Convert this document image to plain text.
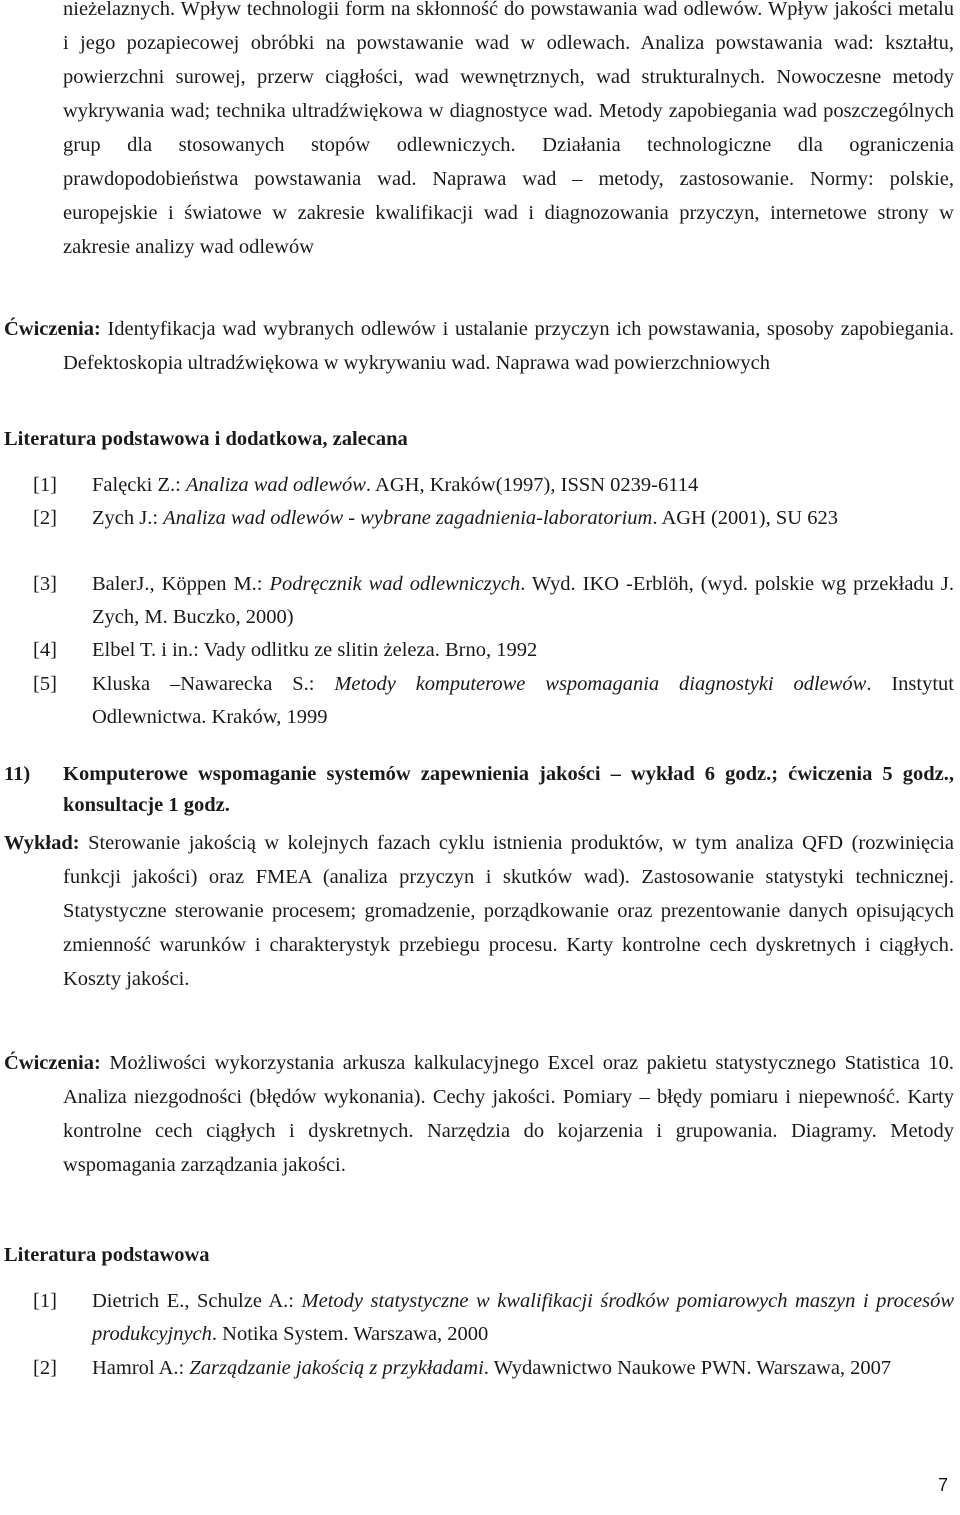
nieżelaznych. Wpływ technologii form na skłonność do powstawania wad odlewów. Wpływ jakości metalu i jego pozapiecowej obróbki na powstawanie wad w odlewach. Analiza powstawania wad: kształtu, powierzchni surowej, przerw ciągłości, wad wewnętrznych, wad strukturalnych. Nowoczesne metody wykrywania wad; technika ultradźwiękowa w diagnostyce wad. Metody zapobiegania wad poszczególnych grup dla stosowanych stopów odlewniczych. Działania technologiczne dla ograniczenia prawdopodobieństwa powstawania wad. Naprawa wad – metody, zastosowanie. Normy: polskie, europejskie i światowe w zakresie kwalifikacji wad i diagnozowania przyczyn, internetowe strony w zakresie analizy wad odlewów
Ćwiczenia: Identyfikacja wad wybranych odlewów i ustalanie przyczyn ich powstawania, sposoby zapobiegania. Defektoskopia ultradźwiękowa w wykrywaniu wad. Naprawa wad powierzchniowych
Literatura podstawowa i dodatkowa, zalecana
[1] Falęcki Z.: Analiza wad odlewów. AGH, Kraków(1997), ISSN 0239-6114
[2] Zych J.: Analiza wad odlewów - wybrane zagadnienia-laboratorium. AGH (2001), SU 623
[3] BalerJ., Köppen M.: Podręcznik wad odlewniczych. Wyd. IKO -Erblöh, (wyd. polskie wg przekładu J. Zych, M. Buczko, 2000)
[4] Elbel T. i in.: Vady odlitku ze slitin żeleza. Brno, 1992
[5] Kluska –Nawarecka S.: Metody komputerowe wspomagania diagnostyki odlewów. Instytut Odlewnictwa. Kraków, 1999
11) Komputerowe wspomaganie systemów zapewnienia jakości – wykład 6 godz.; ćwiczenia 5 godz., konsultacje 1 godz.
Wykład: Sterowanie jakością w kolejnych fazach cyklu istnienia produktów, w tym analiza QFD (rozwinięcia funkcji jakości) oraz FMEA (analiza przyczyn i skutków wad). Zastosowanie statystyki technicznej. Statystyczne sterowanie procesem; gromadzenie, porządkowanie oraz prezentowanie danych opisujących zmienność warunków i charakterystyk przebiegu procesu. Karty kontrolne cech dyskretnych i ciągłych. Koszty jakości.
Ćwiczenia: Możliwości wykorzystania arkusza kalkulacyjnego Excel oraz pakietu statystycznego Statistica 10. Analiza niezgodności (błędów wykonania). Cechy jakości. Pomiary – błędy pomiaru i niepewność. Karty kontrolne cech ciągłych i dyskretnych. Narzędzia do kojarzenia i grupowania. Diagramy. Metody wspomagania zarządzania jakości.
Literatura podstawowa
[1] Dietrich E., Schulze A.: Metody statystyczne w kwalifikacji środków pomiarowych maszyn i procesów produkcyjnych. Notika System. Warszawa, 2000
[2] Hamrol A.: Zarządzanie jakością z przykładami. Wydawnictwo Naukowe PWN. Warszawa, 2007
7
